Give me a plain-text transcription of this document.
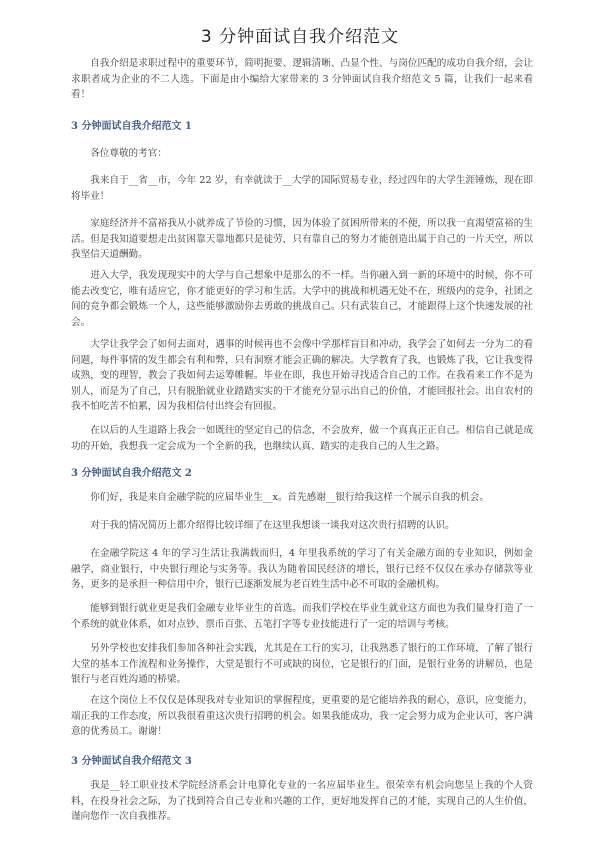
3 分钟面试自我介绍范文

自我介绍是求职过程中的重要环节，简明扼要、逻辑清晰、凸显个性、与岗位匹配的成功自我介绍，会让求职者成为企业的不二人选。下面是由小编给大家带来的 3 分钟面试自我介绍范文 5 篇，让我们一起来看看！

3 分钟面试自我介绍范文 1

各位尊敬的考官：

我来自于__省__市，今年 22 岁，有幸就读于__大学的国际贸易专业，经过四年的大学生涯锤炼，现在即将毕业！

家庭经济并不富裕我从小就养成了节俭的习惯，因为体验了贫困所带来的不便，所以我一直渴望富裕的生活。但是我知道要想走出贫困靠天靠地都只是徒劳，只有靠自己的努力才能创造出属于自己的一片天空，所以我坚信天道酬勤。

进入大学，我发现现实中的大学与自己想象中是那么的不一样。当你融入到一新的环境中的时候，你不可能去改变它，唯有适应它，你才能更好的学习和生活。大学中的挑战和机遇无处不在，班级内的竞争，社团之间的竞争都会锻炼一个人，这些能够激励你去勇敢的挑战自己。只有武装自己，才能跟得上这个快速发展的社会。

大学让我学会了如何去面对，遇事的时候再也不会像中学那样盲目和冲动，我学会了如何去一分为二的看问题，每件事情的发生都会有利和弊，只有洞察才能会正确的解决。大学教育了我，也锻炼了我，它让我变得成熟，变的理智，教会了我如何去运筹帷幄。毕业在即，我也开始寻找适合自己的工作。在我看来工作不是为别人，而是为了自己，只有脱胎就业业踏踏实实的干才能充分显示出自己的价值，才能回报社会。出自农村的我不怕吃苦不怕累，因为我相信付出终会有回报。

在以后的人生道路上我会一如既往的坚定自己的信念，不会放弃，做一个真真正正自己。相信自己就是成功的开始，我想我一定会成为一个全新的我，也继续认真、踏实的走我自己的人生之路。

3 分钟面试自我介绍范文 2

你们好，我是来自金融学院的应届毕业生__x。首先感谢__银行给我这样一个展示自我的机会。

对于我的情况简历上都介绍得比较详细了在这里我想谈一谈我对这次贵行招聘的认识。

在金融学院这 4 年的学习生活让我满载而归，4 年里我系统的学习了有关金融方面的专业知识，例如金融学，商业银行，中央银行理论与实务等。我认为随着国民经济的增长，银行已经不仅仅在承办存储款等业务，更多的是承担一种信用中介，银行已逐渐发展为老百姓生活中必不可取的金融机构。

能够到银行就业更是我们金融专业毕业生的首选。而我们学校在毕业生就业这方面也为我们量身打造了一个系统的就业体系，如对点钞、票币百张、五笔打字等专业技能进行了一定的培训与考核。

另外学校也安排我们参加各种社会实践，尤其是在工行的实习，让我熟悉了银行的工作环境，了解了银行大堂的基本工作流程和业务操作，大堂是银行不可或缺的岗位，它是银行的门面，是银行业务的讲解员，也是银行与老百姓沟通的桥梁。

在这个岗位上不仅仅是体现我对专业知识的掌握程度，更重要的是它能培养我的耐心，意识，应变能力，端正我的工作态度，所以我很看重这次贵行招聘的机会。如果我能成功，我一定会努力成为企业认可，客户满意的优秀员工。谢谢！

3 分钟面试自我介绍范文 3

我是__轻工职业技术学院经济系会计电算化专业的一名应届毕业生。很荣幸有机会向您呈上我的个人资料，在投身社会之际，为了找到符合自己专业和兴趣的工作，更好地发挥自己的才能，实现自己的人生价值，谨向您作一次自我推荐。
